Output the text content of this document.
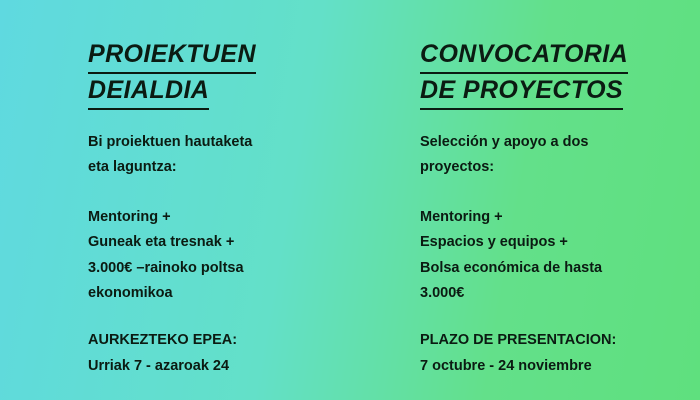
PROIEKTUEN
DEIALDIA

Bi proiektuen hautaketa
eta laguntza:

Mentoring +
Guneak eta tresnak +
3.000€ –rainoko poltsa
ekonomikoa

AURKEZTEKO EPEA:
Urriak 7 - azaroak 24

CONVOCATORIA
DE PROYECTOS

Selección y apoyo a dos
proyectos:

Mentoring +
Espacios y equipos +
Bolsa económica de hasta
3.000€

PLAZO DE PRESENTACION:
7 octubre - 24 noviembre
